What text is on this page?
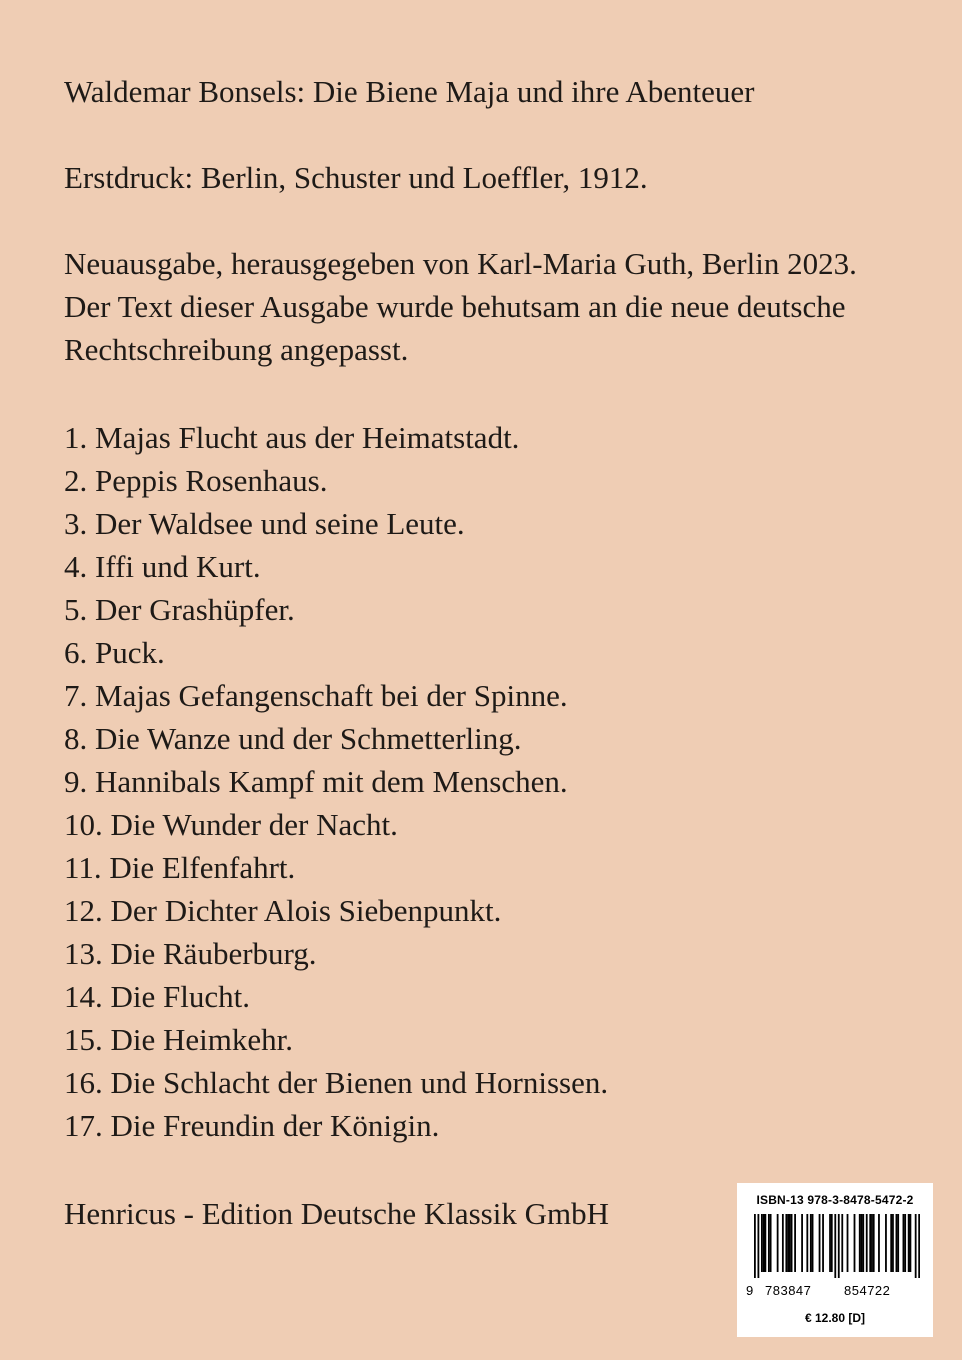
Waldemar Bonsels: Die Biene Maja und ihre Abenteuer
Erstdruck: Berlin, Schuster und Loeffler, 1912.
Neuausgabe, herausgegeben von Karl-Maria Guth, Berlin 2023.
Der Text dieser Ausgabe wurde behutsam an die neue deutsche
Rechtschreibung angepasst.
1. Majas Flucht aus der Heimatstadt.
2. Peppis Rosenhaus.
3. Der Waldsee und seine Leute.
4. Iffi und Kurt.
5. Der Grashüpfer.
6. Puck.
7. Majas Gefangenschaft bei der Spinne.
8. Die Wanze und der Schmetterling.
9. Hannibals Kampf mit dem Menschen.
10. Die Wunder der Nacht.
11. Die Elfenfahrt.
12. Der Dichter Alois Siebenpunkt.
13. Die Räuberburg.
14. Die Flucht.
15. Die Heimkehr.
16. Die Schlacht der Bienen und Hornissen.
17. Die Freundin der Königin.
Henricus - Edition Deutsche Klassik GmbH	ISBN-13 978-3-8478-5472-2
9 783847	854722
€ 12.80 [D]
